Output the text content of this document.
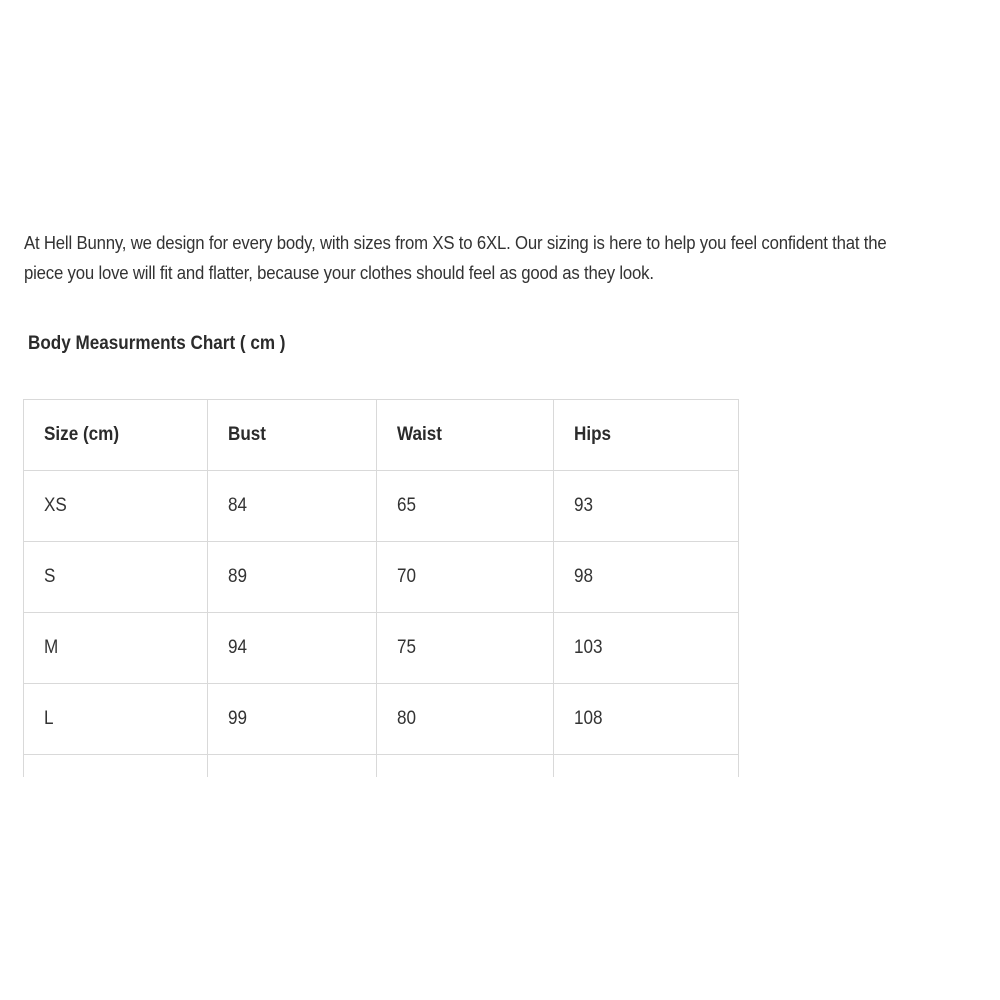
At Hell Bunny, we design for every body, with sizes from XS to 6XL. Our sizing is here to help you feel confident that the piece you love will fit and flatter, because your clothes should feel as good as they look.

Body Measurments Chart ( cm )
Size (cm)	Bust	Waist	Hips
XS	84	65	93
S	89	70	98
M	94	75	103
L	99	80	108
